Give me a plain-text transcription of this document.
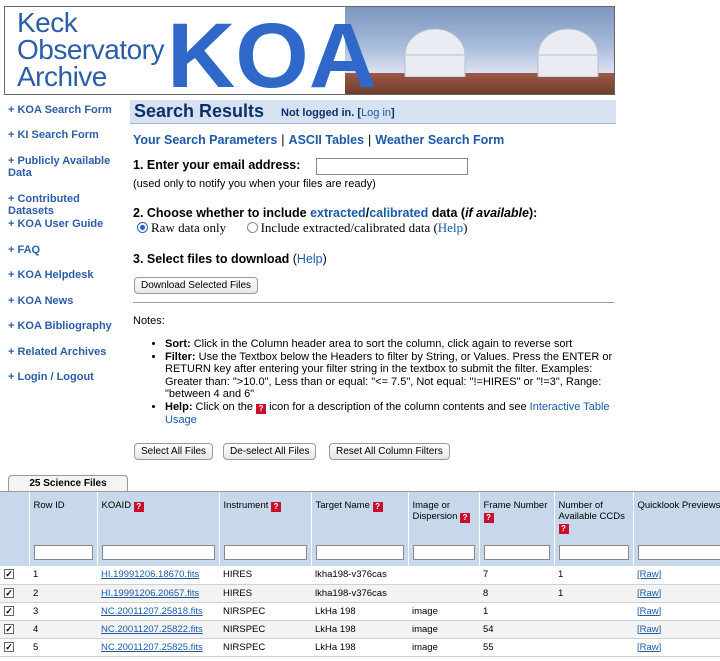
Keck
Observatory
Archive KOA
+ KOA Search Form
+ KI Search Form
+ Publicly Available Data
+ Contributed Datasets
+ KOA User Guide
+ FAQ
+ KOA Helpdesk
+ KOA News
+ KOA Bibliography
+ Related Archives
+ Login / Logout
Search Results Not logged in. [Log in]
Your Search Parameters | ASCII Tables | Weather Search Form
1. Enter your email address:
(used only to notify you when your files are ready)
2. Choose whether to include extracted/calibrated data (if available):
Raw data only	Include extracted/calibrated data (Help)
3. Select files to download (Help)
Download Selected Files
Notes:
• Sort: Click in the Column header area to sort the column, click again to reverse sort
• Filter: Use the Textbox below the Headers to filter by String, or Values. Press the ENTER or RETURN key after entering your filter string in the textbox to submit the filter. Examples: Greater than: ">10.0", Less than or equal: "<= 7.5", Not equal: "!=HIRES" or "!=3", Range: "between 4 and 6"
• Help: Click on the ? icon for a description of the column contents and see Interactive Table Usage
Select All Files	De-select All Files	Reset All Column Filters
25 Science Files
	Row ID	KOAID ?	Instrument ?	Target Name ?	Image or Dispersion ?	Frame Number ?	Number of Available CCDs ?	Quicklook Previews

✓	1	HI.19991206.18670.fits	HIRES	lkha198-v376cas		7	1	[Raw]
✓	2	HI.19991206.20657.fits	HIRES	lkha198-v376cas		8	1	[Raw]
✓	3	NC.20011207.25818.fits	NIRSPEC	LkHa 198	image	1		[Raw]
✓	4	NC.20011207.25822.fits	NIRSPEC	LkHa 198	image	54		[Raw]
✓	5	NC.20011207.25825.fits	NIRSPEC	LkHa 198	image	55		[Raw]
